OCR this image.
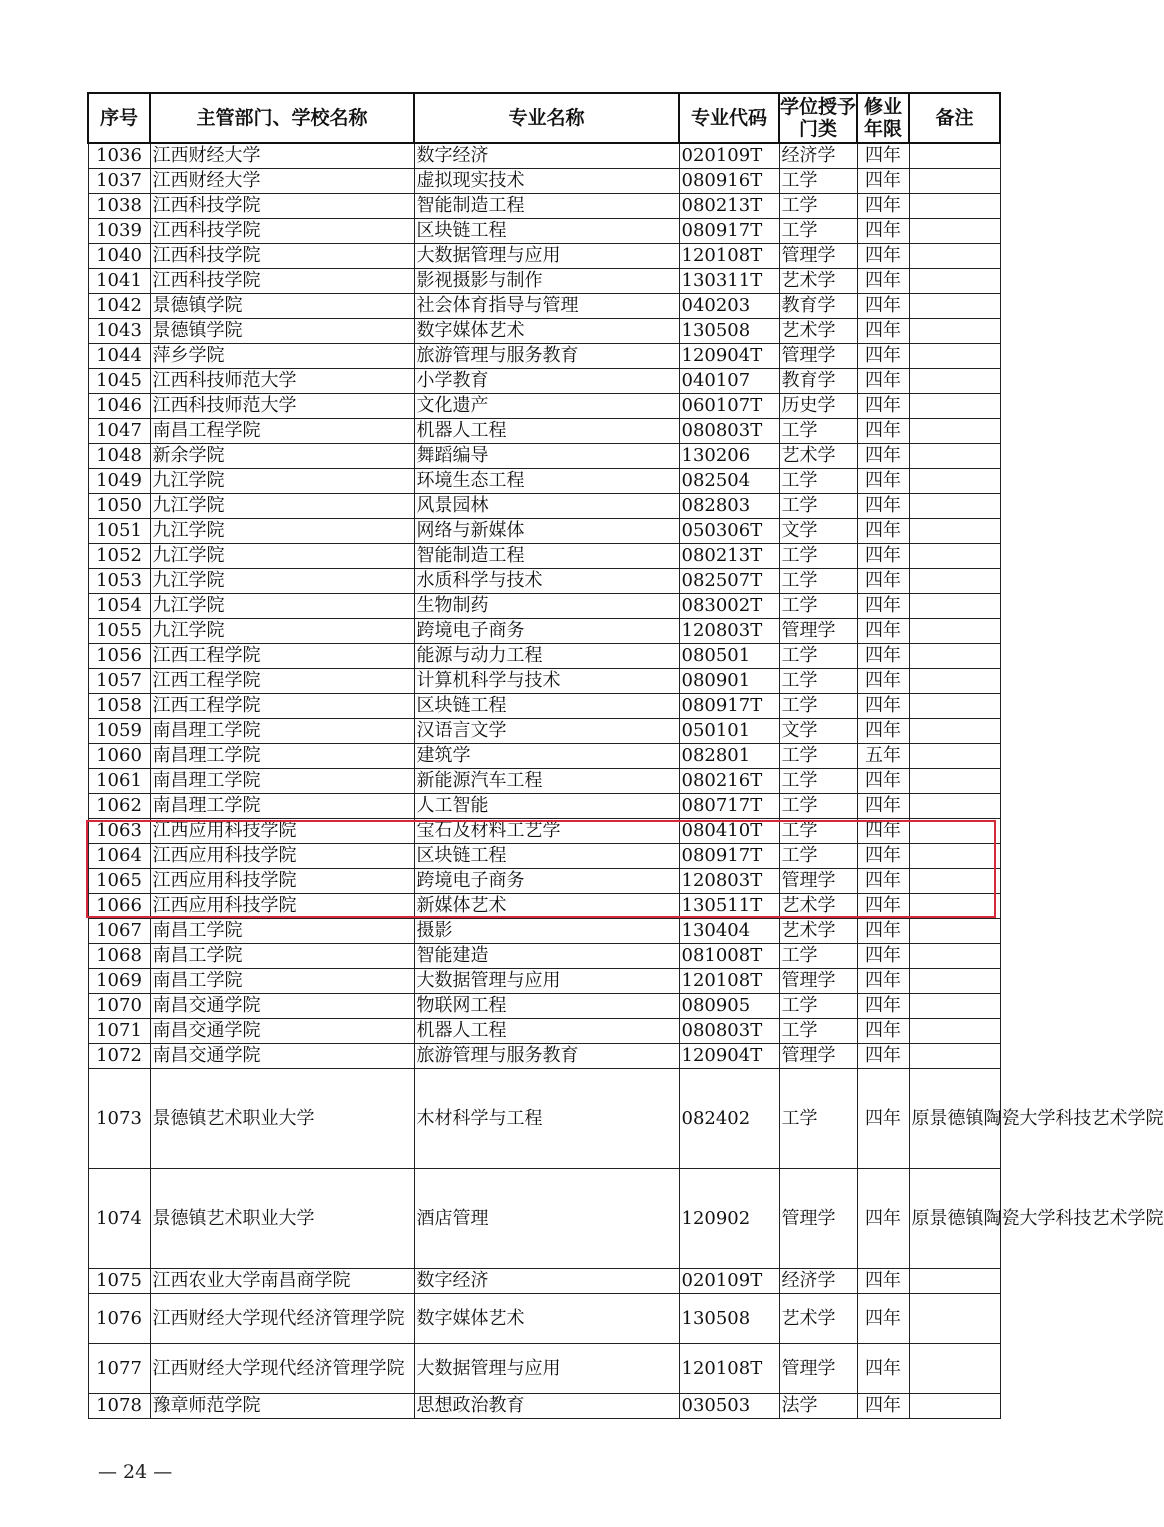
序号	主管部门、学校名称	专业名称	专业代码	学位授予门类	修业年限	备注
1036	江西财经大学	数字经济	020109T	经济学	四年	
1037	江西财经大学	虚拟现实技术	080916T	工学	四年	
1038	江西科技学院	智能制造工程	080213T	工学	四年	
1039	江西科技学院	区块链工程	080917T	工学	四年	
1040	江西科技学院	大数据管理与应用	120108T	管理学	四年	
1041	江西科技学院	影视摄影与制作	130311T	艺术学	四年	
1042	景德镇学院	社会体育指导与管理	040203	教育学	四年	
1043	景德镇学院	数字媒体艺术	130508	艺术学	四年	
1044	萍乡学院	旅游管理与服务教育	120904T	管理学	四年	
1045	江西科技师范大学	小学教育	040107	教育学	四年	
1046	江西科技师范大学	文化遗产	060107T	历史学	四年	
1047	南昌工程学院	机器人工程	080803T	工学	四年	
1048	新余学院	舞蹈编导	130206	艺术学	四年	
1049	九江学院	环境生态工程	082504	工学	四年	
1050	九江学院	风景园林	082803	工学	四年	
1051	九江学院	网络与新媒体	050306T	文学	四年	
1052	九江学院	智能制造工程	080213T	工学	四年	
1053	九江学院	水质科学与技术	082507T	工学	四年	
1054	九江学院	生物制药	083002T	工学	四年	
1055	九江学院	跨境电子商务	120803T	管理学	四年	
1056	江西工程学院	能源与动力工程	080501	工学	四年	
1057	江西工程学院	计算机科学与技术	080901	工学	四年	
1058	江西工程学院	区块链工程	080917T	工学	四年	
1059	南昌理工学院	汉语言文学	050101	文学	四年	
1060	南昌理工学院	建筑学	082801	工学	五年	
1061	南昌理工学院	新能源汽车工程	080216T	工学	四年	
1062	南昌理工学院	人工智能	080717T	工学	四年	
1063	江西应用科技学院	宝石及材料工艺学	080410T	工学	四年	
1064	江西应用科技学院	区块链工程	080917T	工学	四年	
1065	江西应用科技学院	跨境电子商务	120803T	管理学	四年	
1066	江西应用科技学院	新媒体艺术	130511T	艺术学	四年	
1067	南昌工学院	摄影	130404	艺术学	四年	
1068	南昌工学院	智能建造	081008T	工学	四年	
1069	南昌工学院	大数据管理与应用	120108T	管理学	四年	
1070	南昌交通学院	物联网工程	080905	工学	四年	
1071	南昌交通学院	机器人工程	080803T	工学	四年	
1072	南昌交通学院	旅游管理与服务教育	120904T	管理学	四年	
1073	景德镇艺术职业大学	木材科学与工程	082402	工学	四年	原景德镇陶瓷大学科技艺术学院
1074	景德镇艺术职业大学	酒店管理	120902	管理学	四年	原景德镇陶瓷大学科技艺术学院
1075	江西农业大学南昌商学院	数字经济	020109T	经济学	四年	
1076	江西财经大学现代经济管理学院	数字媒体艺术	130508	艺术学	四年	
1077	江西财经大学现代经济管理学院	大数据管理与应用	120108T	管理学	四年	
1078	豫章师范学院	思想政治教育	030503	法学	四年	
— 24 —
